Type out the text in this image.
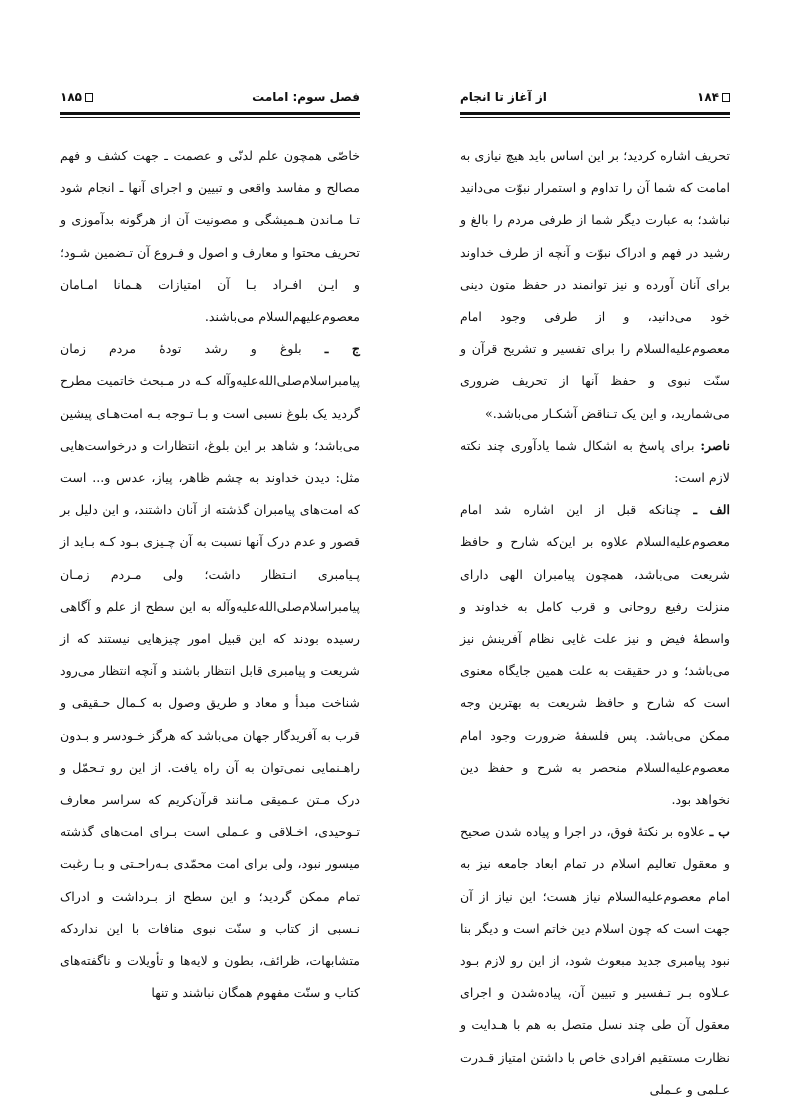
۱۸۵	فصل سوم: امامت

خاصّی همچون علم لدنّی و عصمت ـ جهت کشف و فهم مصالح و مفاسد واقعی و تبیین و اجرای آنها ـ انجام شود تـا مـاندن هـمیشگی و مصونیت آن از هرگونه بدآموزی و تحریف محتوا و معارف و اصول و فـروع آن تـضمین شـود؛ و ایـن افـراد بـا آن امتیازات هـمانا امـامان معصوم‌علیهم‌السلام می‌باشند.

ج ـ بلوغ و رشد تودهٔ مردم زمان پیامبراسلام‌صلی‌الله‌علیه‌وآله کـه در مـبحث خاتمیت مطرح گردید یک بلوغ نسبی است و بـا تـوجه بـه امت‌هـای پیشین می‌باشد؛ و شاهد بر این بلوغ، انتظارات و درخواست‌هایی مثل: دیدن خداوند به چشم ظاهر، پیاز، عدس و... است که امت‌های پیامبران گذشته از آنان داشتند، و این دلیل بر قصور و عدم درک آنها نسبت به آن چـیزی بـود کـه بـاید از پـیامبری انـتظار داشت؛ ولی مـردم زمـان پیامبراسلام‌صلی‌الله‌علیه‌وآله به این سطح از علم و آگاهی رسیده بودند که این قبیل امور چیزهایی نیستند که از شریعت و پیامبری قابل انتظار باشند و آنچه انتظار می‌رود شناخت مبدأ و معاد و طریق وصول به کـمال حـقیقی و قرب به آفریدگار جهان می‌باشد که هرگز خـودسر و بـدون راهـنمایی نمی‌توان به آن راه یافت. از این رو تـحمّل و درک مـتن عـمیقی مـانند قرآن‌کریم که سراسر معارف تـوحیدی، اخـلاقی و عـملی است بـرای امت‌های گذشته میسور نبود، ولی برای امت محمّدی بـه‌راحـتی و بـا رغبت تمام ممکن گردید؛ و این سطح از بـرداشت و ادراک نـسبی از کتاب و سنّت نبوی منافات با این نداردکه متشابهات، ظرائف، بطون و لایه‌ها و تأویلات و ناگفته‌های کتاب و سنّت مفهوم همگان نباشند و تنها

از آغاز تا انجام	۱۸۴

تحریف اشاره کردید؛ بر این اساس باید هیچ نیازی به امامت که شما آن را تداوم و استمرار نبوّت می‌دانید نباشد؛ به عبارت دیگر شما از طرفی مردم را بالغ و رشید در فهم و ادراک نبوّت و آنچه از طرف خداوند برای آنان آورده و نیز توانمند در حفظ متون دینی خود می‌دانید، و از طرفی وجود امام معصوم‌علیه‌السلام را برای تفسیر و تشریح قرآن و سنّت نبوی و حفظ آنها از تحریف ضروری می‌شمارید، و این یک تـناقض آشکـار می‌باشد.»

ناصر: برای پاسخ به اشکال شما یادآوری چند نکته لازم است:

الف ـ چنانکه قبل از این اشاره شد امام معصوم‌علیه‌السلام علاوه بر این‌که شارح و حافظ شریعت می‌باشد، همچون پیامبران الهی دارای منزلت رفیع روحانی و قرب کامل به خداوند و واسطهٔ فیض و نیز علت غایی نظام آفرینش نیز می‌باشد؛ و در حقیقت به علت همین جایگاه معنوی است که شارح و حافظ شریعت به بهترین وجه ممکن می‌باشد. پس فلسفهٔ ضرورت وجود امام معصوم‌علیه‌السلام منحصر به شرح و حفظ دین نخواهد بود.

ب ـ علاوه بر نکتهٔ فوق، در اجرا و پیاده شدن صحیح و معقول تعالیم اسلام در تمام ابعاد جامعه نیز به امام معصوم‌علیه‌السلام نیاز هست؛ این نیاز از آن جهت است که چون اسلام دین خاتم است و دیگر بنا نبود پیامبری جدید مبعوث شود، از این رو لازم بـود عـلاوه بـر تـفسیر و تبیین آن، پیاده‌شدن و اجرای معقول آن طی چند نسل متصل به هم با هـدایت و نظارت مستقیم افرادی خاص با داشتن امتیاز قـدرت عـلمی و عـملی
